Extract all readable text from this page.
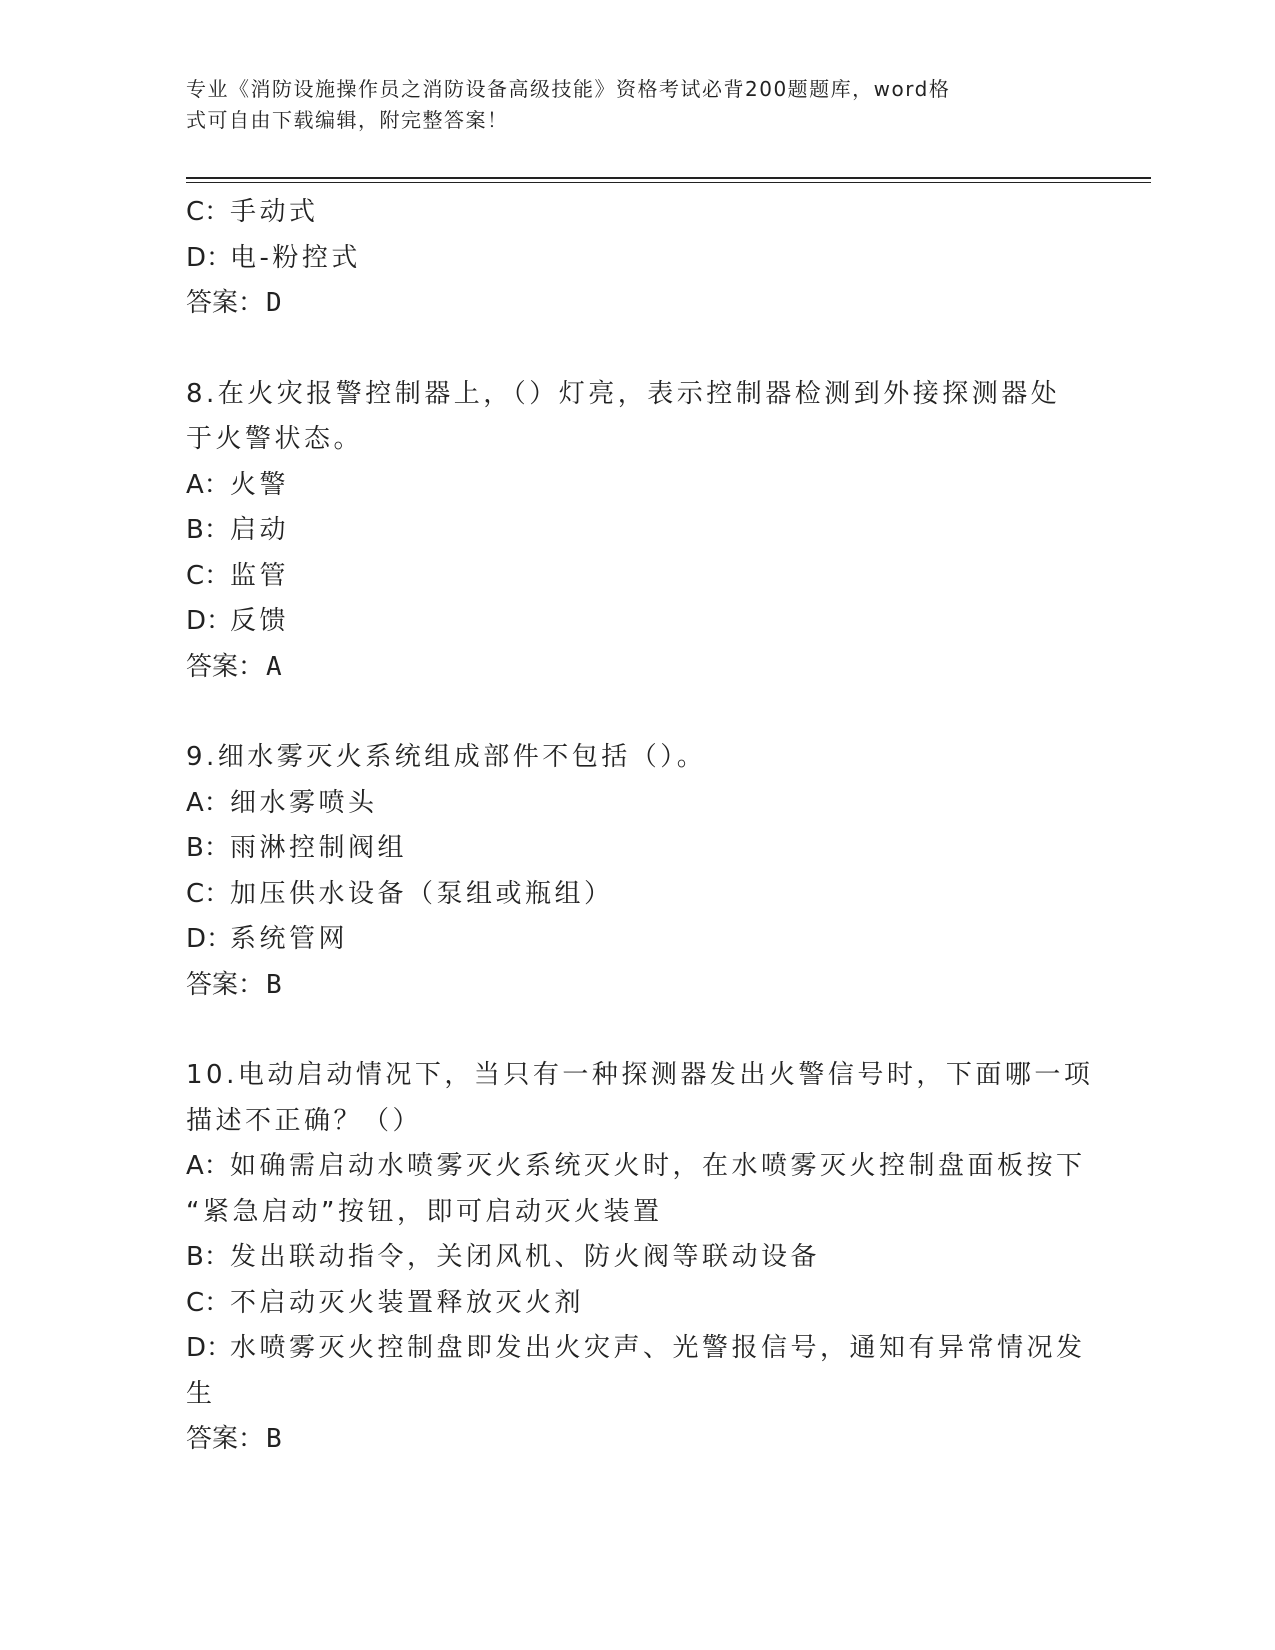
专业《消防设施操作员之消防设备高级技能》资格考试必背200题题库，word格
式可自由下载编辑，附完整答案！
C：手动式
D：电-粉控式
答案：D
8.在火灾报警控制器上，（）灯亮，表示控制器检测到外接探测器处
于火警状态。
A：火警
B：启动
C：监管
D：反馈
答案：A
9.细水雾灭火系统组成部件不包括（）。
A：细水雾喷头
B：雨淋控制阀组
C：加压供水设备（泵组或瓶组）
D：系统管网
答案：B
10.电动启动情况下，当只有一种探测器发出火警信号时，下面哪一项
描述不正确？（）
A：如确需启动水喷雾灭火系统灭火时，在水喷雾灭火控制盘面板按下
“紧急启动”按钮，即可启动灭火装置
B：发出联动指令，关闭风机、防火阀等联动设备
C：不启动灭火装置释放灭火剂
D：水喷雾灭火控制盘即发出火灾声、光警报信号，通知有异常情况发
生
答案：B
